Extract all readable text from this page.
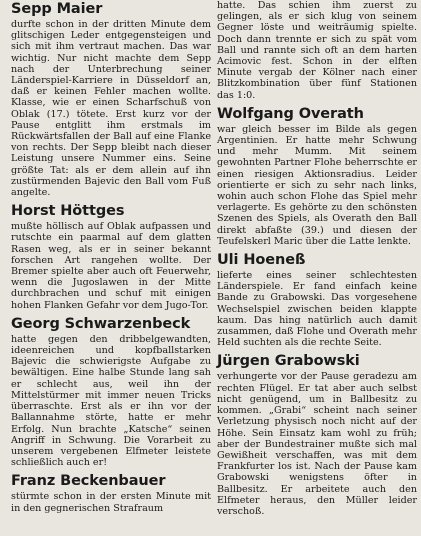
Sepp Maier

durfte schon in der dritten Minute dem glitschigen Leder entgegensteigen und sich mit ihm vertraut machen. Das war wichtig. Nur nicht machte dem Sepp nach der Unterbrechung seiner Länderspiel-Karriere in Düsseldorf an, daß er keinen Fehler machen wollte. Klasse, wie er einen Scharfschuß von Oblak (17.) tötete. Erst kurz vor der Pause entglitt ihm erstmals im Rückwärtsfallen der Ball auf eine Flanke von rechts. Der Sepp bleibt nach dieser Leistung unsere Nummer eins. Seine größte Tat: als er dem allein auf ihn zustürmenden Bajevic den Ball vom Fuß angelte.

Horst Höttges

mußte höllisch auf Oblak aufpassen und rutschte ein paarmal auf dem glatten Rasen weg, als er in seiner bekannt forschen Art rangehen wollte. Der Bremer spielte aber auch oft Feuerwehr, wenn die Jugoslawen in der Mitte durchbrachen und schuf mit einigen hohen Flanken Gefahr vor dem Jugo-Tor.

Georg Schwarzenbeck

hatte gegen den dribbelgewandten, ideenreichen und kopfballstarken Bajevic die schwierigste Aufgabe zu bewältigen. Eine halbe Stunde lang sah er schlecht aus, weil ihn der Mittelstürmer mit immer neuen Tricks überraschte. Erst als er ihn vor der Ballannahme störte, hatte er mehr Erfolg. Nun brachte „Katsche“ seinen Angriff in Schwung. Die Vorarbeit zu unserem vergebenen Elfmeter leistete schließlich auch er!

Franz Beckenbauer

stürmte schon in der ersten Minute mit in den gegnerischen Strafraum

hatte. Das schien ihm zuerst zu gelingen, als er sich klug von seinem Gegner löste und weiträumig spielte. Doch dann trennte er sich zu spät vom Ball und rannte sich oft an dem harten Acimovic fest. Schon in der elften Minute vergab der Kölner nach einer Blitzkombination über fünf Stationen das 1:0.

Wolfgang Overath

war gleich besser im Bilde als gegen Argentinien. Er hatte mehr Schwung und mehr Mumm. Mit seinem gewohnten Partner Flohe beherrschte er einen riesigen Aktionsradius. Leider orientierte er sich zu sehr nach links, wohin auch schon Flohe das Spiel mehr verlagerte. Es gehörte zu den schönsten Szenen des Spiels, als Overath den Ball direkt abfaßte (39.) und diesen der Teufelskerl Maric über die Latte lenkte.

Uli Hoeneß

lieferte eines seiner schlechtesten Länderspiele. Er fand einfach keine Bande zu Grabowski. Das vorgesehene Wechselspiel zwischen beiden klappte kaum. Das hing natürlich auch damit zusammen, daß Flohe und Overath mehr Held suchten als die rechte Seite.

Jürgen Grabowski

verhungerte vor der Pause geradezu am rechten Flügel. Er tat aber auch selbst nicht genügend, um in Ballbesitz zu kommen. „Grabi“ scheint nach seiner Verletzung physisch noch nicht auf der Höhe. Sein Einsatz kam wohl zu früh; aber der Bundestrainer mußte sich mal Gewißheit verschaffen, was mit dem Frankfurter los ist. Nach der Pause kam Grabowski wenigstens öfter in Ballbesitz. Er arbeitete auch den Elfmeter heraus, den Müller leider verschoß.
